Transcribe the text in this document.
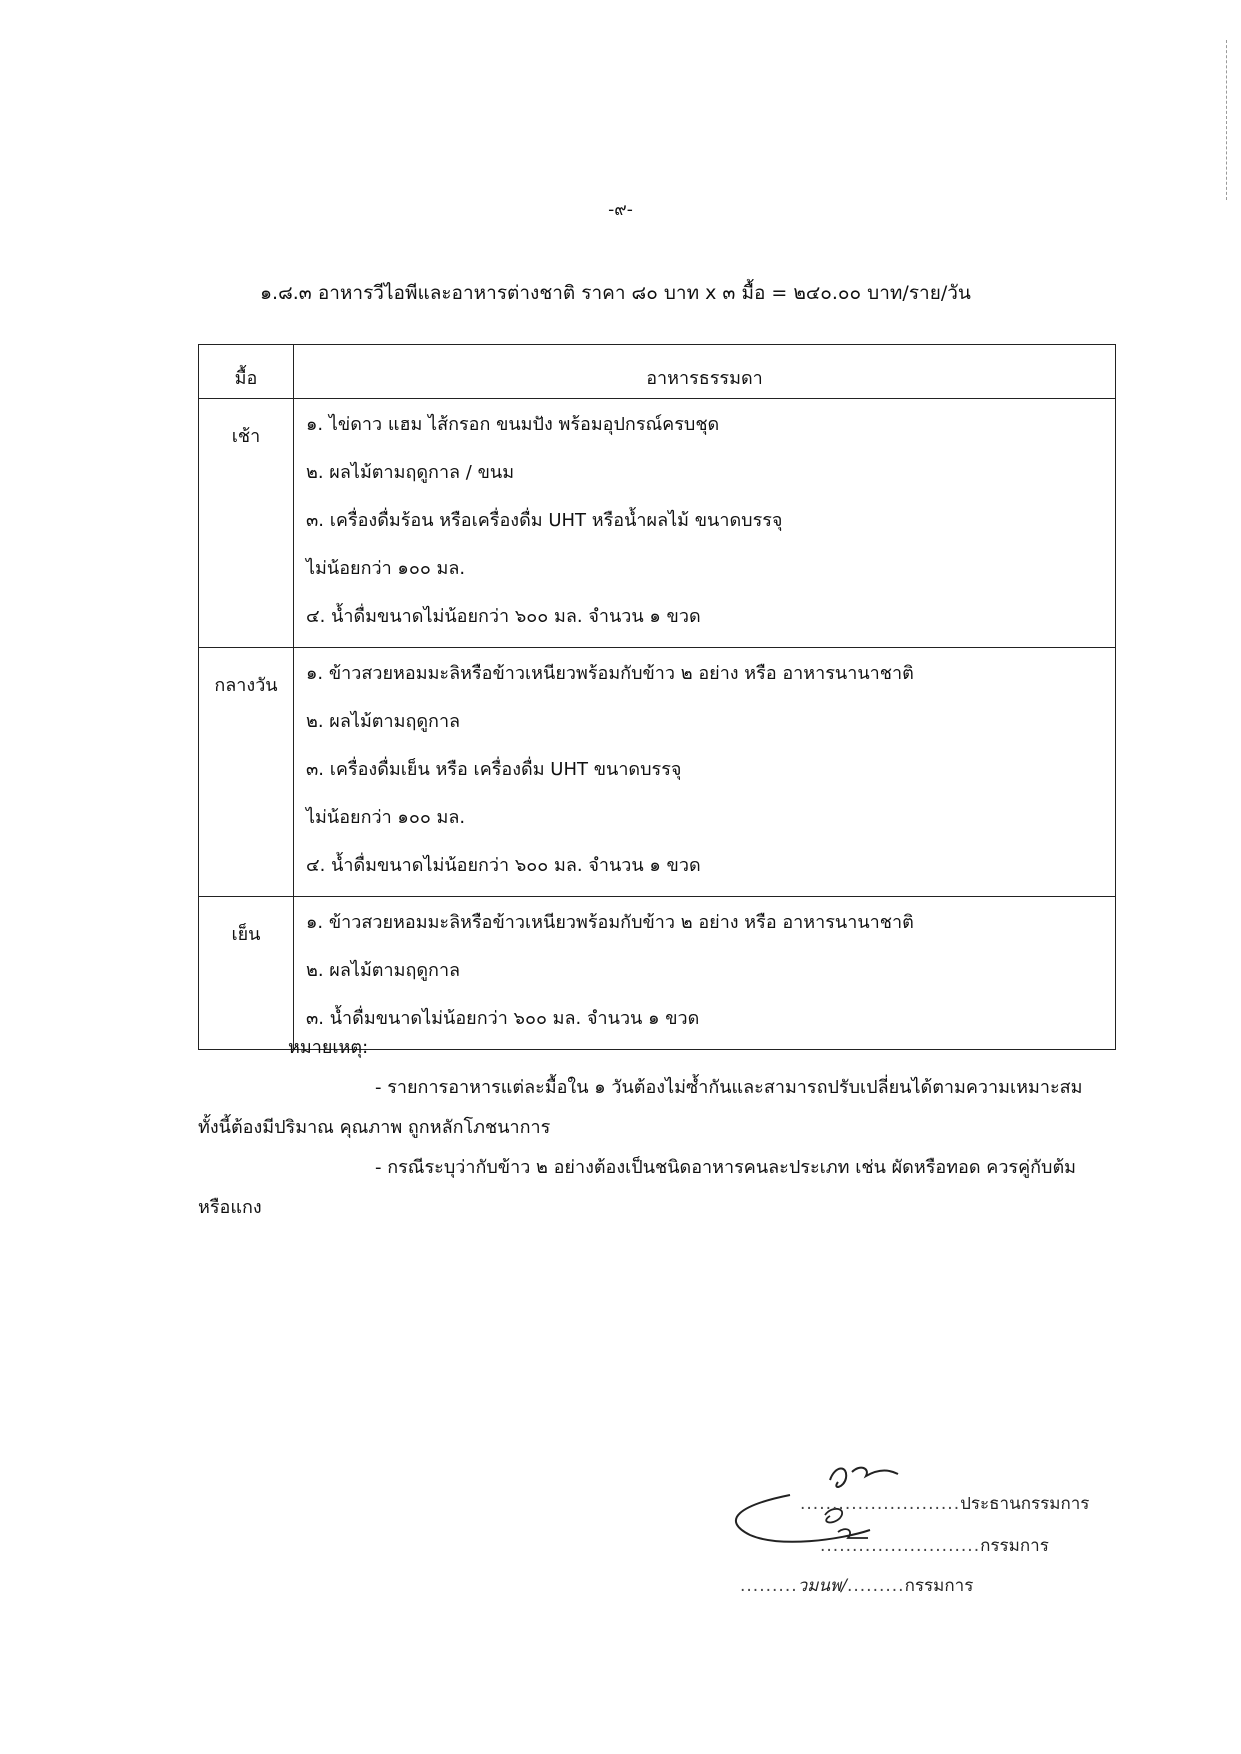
-๙-
๑.๘.๓ อาหารวีไอพีและอาหารต่างชาติ ราคา ๘๐ บาท x ๓ มื้อ = ๒๔๐.๐๐ บาท/ราย/วัน
มื้อ	อาหารธรรมดา
เช้า	๑. ไข่ดาว แฮม ไส้กรอก ขนมปัง พร้อมอุปกรณ์ครบชุด
๒. ผลไม้ตามฤดูกาล / ขนม
๓. เครื่องดื่มร้อน หรือเครื่องดื่ม UHT หรือน้ำผลไม้ ขนาดบรรจุ
ไม่น้อยกว่า ๑๐๐ มล.
๔. น้ำดื่มขนาดไม่น้อยกว่า ๖๐๐ มล. จำนวน ๑ ขวด

กลางวัน	๑. ข้าวสวยหอมมะลิหรือข้าวเหนียวพร้อมกับข้าว ๒ อย่าง หรือ อาหารนานาชาติ
๒. ผลไม้ตามฤดูกาล
๓. เครื่องดื่มเย็น หรือ เครื่องดื่ม UHT ขนาดบรรจุ
ไม่น้อยกว่า ๑๐๐ มล.
๔. น้ำดื่มขนาดไม่น้อยกว่า ๖๐๐ มล. จำนวน ๑ ขวด

เย็น	๑. ข้าวสวยหอมมะลิหรือข้าวเหนียวพร้อมกับข้าว ๒ อย่าง หรือ อาหารนานาชาติ
๒. ผลไม้ตามฤดูกาล
๓. น้ำดื่มขนาดไม่น้อยกว่า ๖๐๐ มล. จำนวน ๑ ขวด
หมายเหตุ:
- รายการอาหารแต่ละมื้อใน ๑ วันต้องไม่ซ้ำกันและสามารถปรับเปลี่ยนได้ตามความเหมาะสม
ทั้งนี้ต้องมีปริมาณ คุณภาพ ถูกหลักโภชนาการ
- กรณีระบุว่ากับข้าว ๒ อย่างต้องเป็นชนิดอาหารคนละประเภท เช่น ผัดหรือทอด ควรคู่กับต้ม
หรือแกง
.........................ประธานกรรมการ
.........................กรรมการ
.........วมนพ/.........กรรมการ
